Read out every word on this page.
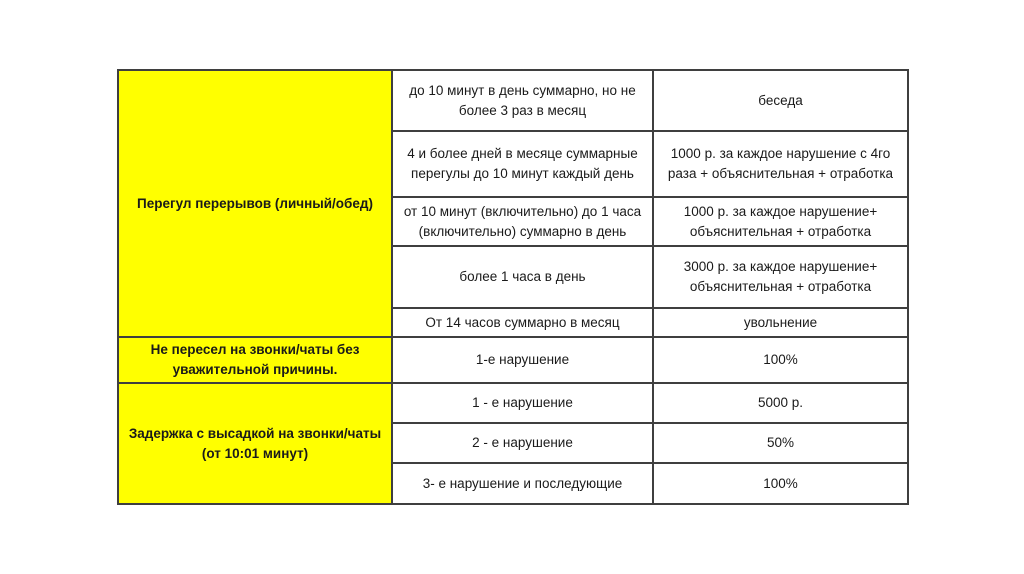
Перегул перерывов (личный/обед)	до 10 минут в день суммарно, но не более 3 раз в месяц	беседа
	4 и более дней в месяце суммарные перегулы до 10 минут каждый день	1000 р. за каждое нарушение с 4го раза + объяснительная + отработка
	от 10 минут (включительно) до 1 часа (включительно) суммарно в день	1000 р. за каждое нарушение+ объяснительная + отработка
	более 1 часа в день	3000 р. за каждое нарушение+ объяснительная + отработка
	От 14 часов суммарно в месяц	увольнение
Не пересел на звонки/чаты без уважительной причины.	1-е нарушение	100%
Задержка с высадкой на звонки/чаты (от 10:01 минут)	1 - е нарушение	5000 р.
	2 - е нарушение	50%
	3- е нарушение и последующие	100%
